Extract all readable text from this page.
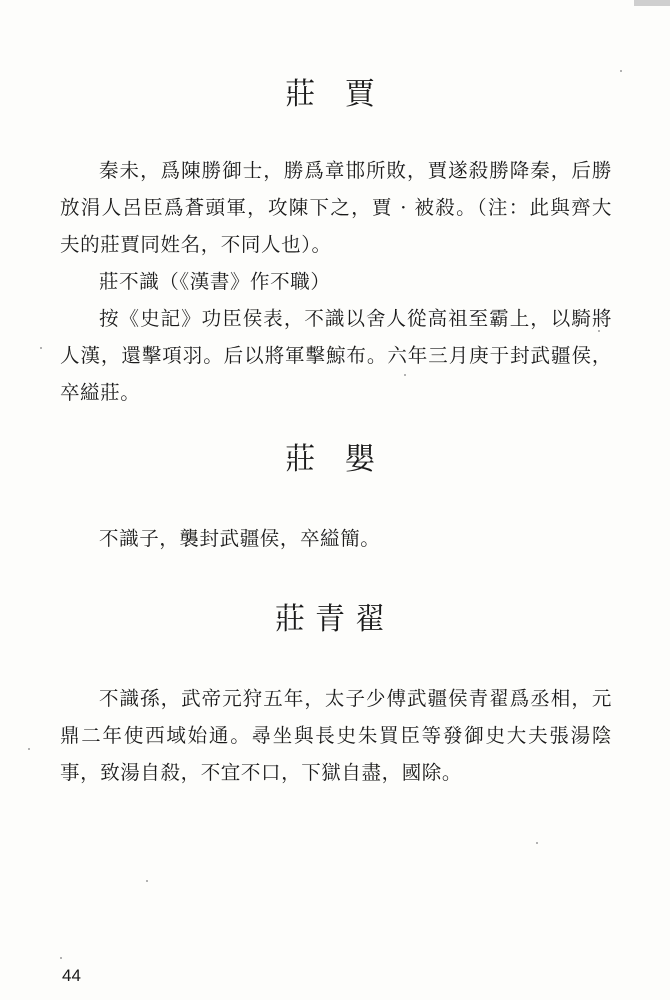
莊 賈

秦未，爲陳勝御士，勝爲章邯所敗，賈遂殺勝降秦，后勝放涓人呂臣爲蒼頭軍，攻陳下之，賈 · 被殺。（注：此與齊大夫的莊賈同姓名，不同人也）。

莊不識（《漢書》作不職）

按《史記》功臣侯表，不識以舍人從高祖至霸上，以騎將人漢，還擊項羽。后以將軍擊鯨布。六年三月庚于封武疆侯，卒縊莊。

莊 嬰

不識子，襲封武疆侯，卒縊簡。

莊青翟

不識孫，武帝元狩五年，太子少傅武疆侯青翟爲丞相，元鼎二年使西域始通。尋坐與長史朱買臣等發御史大夫張湯陰事，致湯自殺，不宜不口，下獄自盡，國除。

44
